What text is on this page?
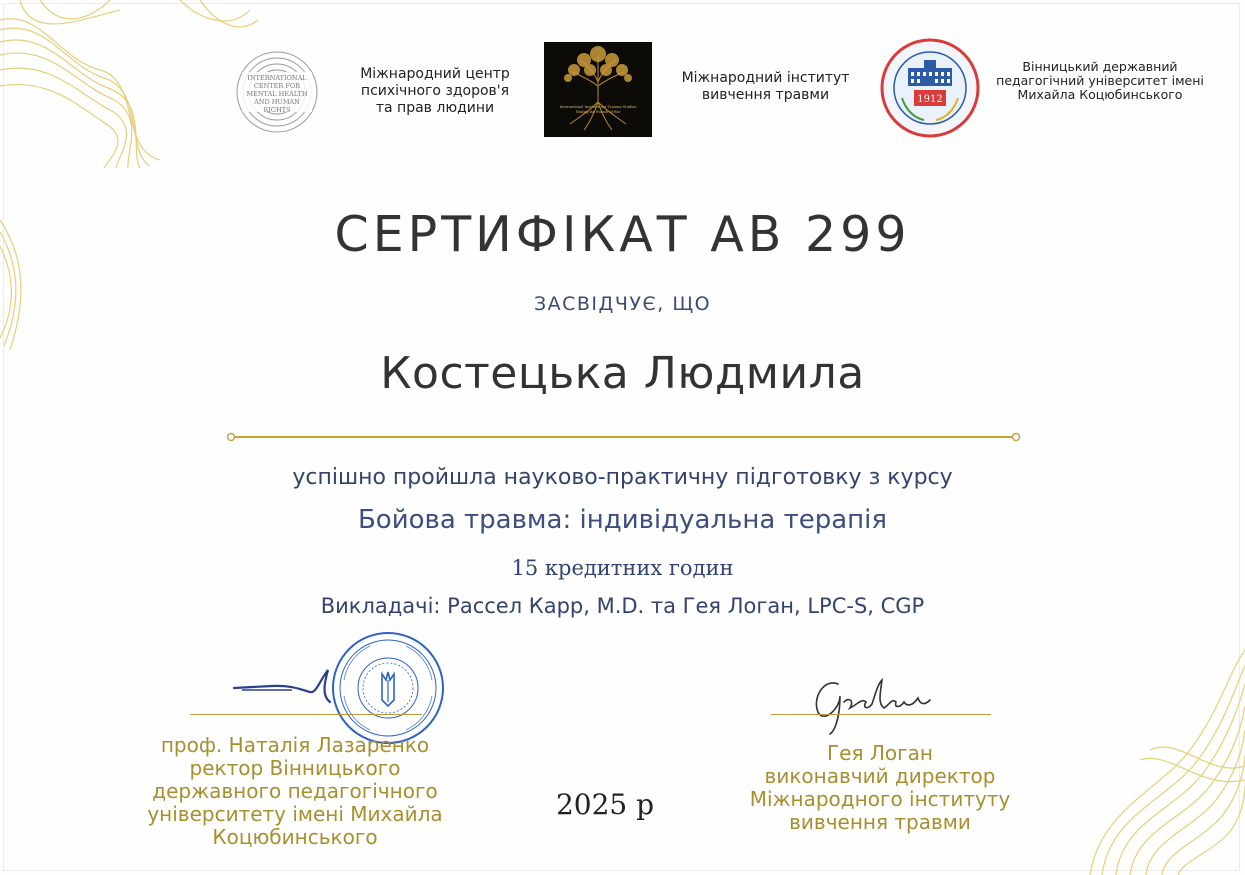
INTERNATIONAL
CENTER FOR
MENTAL HEALTH
AND HUMAN
RIGHTS
Міжнародний центр
психічного здоров'я
та прав людини	International Institute for Trauma Studies
Healing the Wounds of War
Міжнародний інститут
вивчення травми	1912
Вінницький державний
педагогічний університет імені
Михайла Коцюбинського
СЕРТИФІКАТ АВ 299
ЗАСВІДЧУЄ, ЩО
Костецька Людмила
успішно пройшла науково-практичну підготовку з курсу
Бойова травма: індивідуальна терапія
15 кредитних годин
Викладачі: Рассел Карр, M.D. та Гея Логан, LPC-S, CGP
проф. Наталія Лазаренко
ректор Вінницького
державного педагогічного
університету імені Михайла
Коцюбинського
2025 р
Гея Логан
виконавчий директор
Міжнародного інституту
вивчення травми
